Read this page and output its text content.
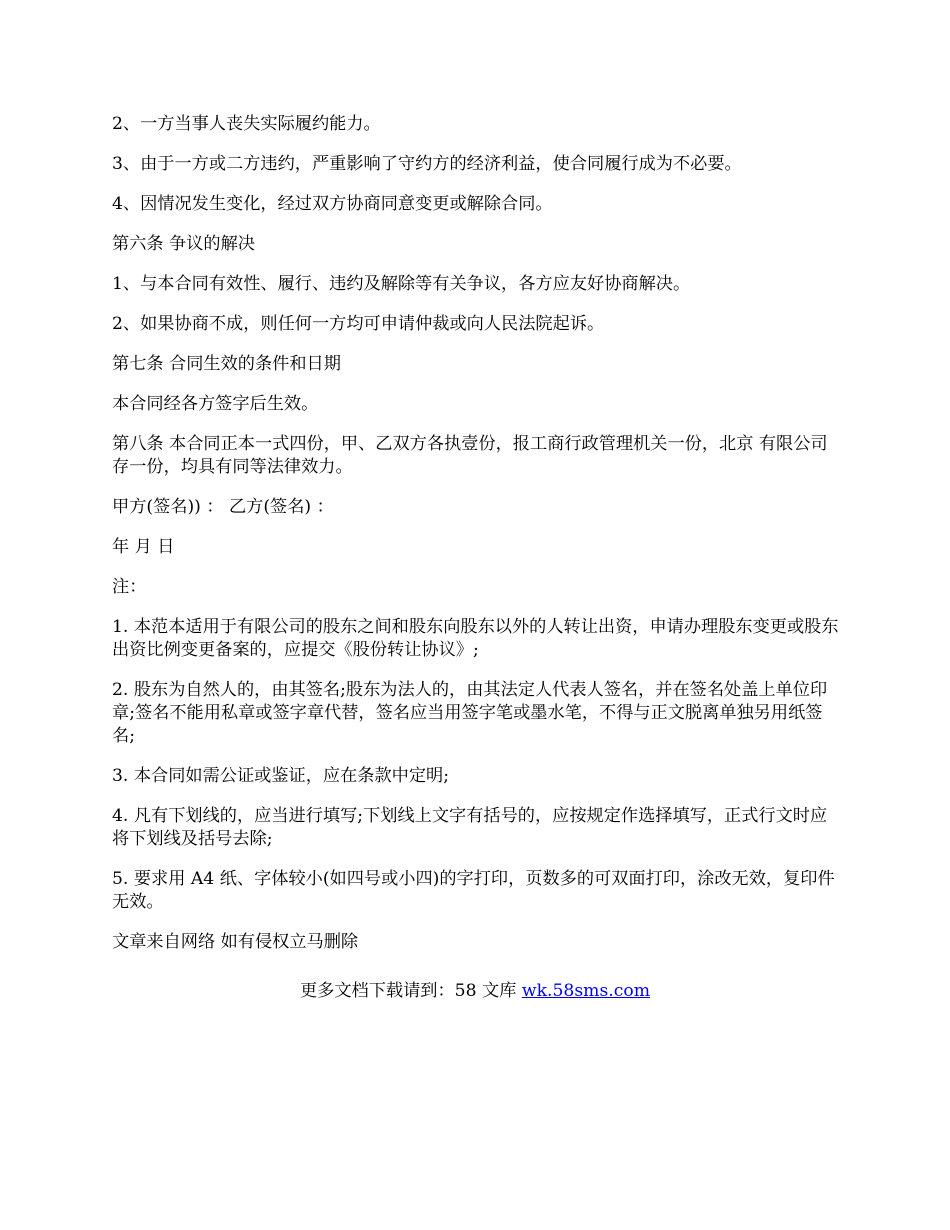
2、一方当事人丧失实际履约能力。

3、由于一方或二方违约，严重影响了守约方的经济利益，使合同履行成为不必要。

4、因情况发生变化，经过双方协商同意变更或解除合同。

第六条 争议的解决

1、与本合同有效性、履行、违约及解除等有关争议，各方应友好协商解决。

2、如果协商不成，则任何一方均可申请仲裁或向人民法院起诉。

第七条 合同生效的条件和日期

本合同经各方签字后生效。

第八条 本合同正本一式四份，甲、乙双方各执壹份，报工商行政管理机关一份，北京 有限公司存一份，均具有同等法律效力。

甲方(签名)) ： 乙方(签名) ：

年 月 日

注：

1. 本范本适用于有限公司的股东之间和股东向股东以外的人转让出资，申请办理股东变更或股东出资比例变更备案的，应提交《股份转让协议》;

2. 股东为自然人的，由其签名;股东为法人的，由其法定人代表人签名，并在签名处盖上单位印章;签名不能用私章或签字章代替，签名应当用签字笔或墨水笔，不得与正文脱离单独另用纸签名;

3. 本合同如需公证或鉴证，应在条款中定明;

4. 凡有下划线的，应当进行填写;下划线上文字有括号的，应按规定作选择填写，正式行文时应将下划线及括号去除;

5. 要求用 A4 纸、字体较小(如四号或小四)的字打印，页数多的可双面打印，涂改无效，复印件无效。

文章来自网络 如有侵权立马删除

更多文档下载请到：58 文库 wk.58sms.com
